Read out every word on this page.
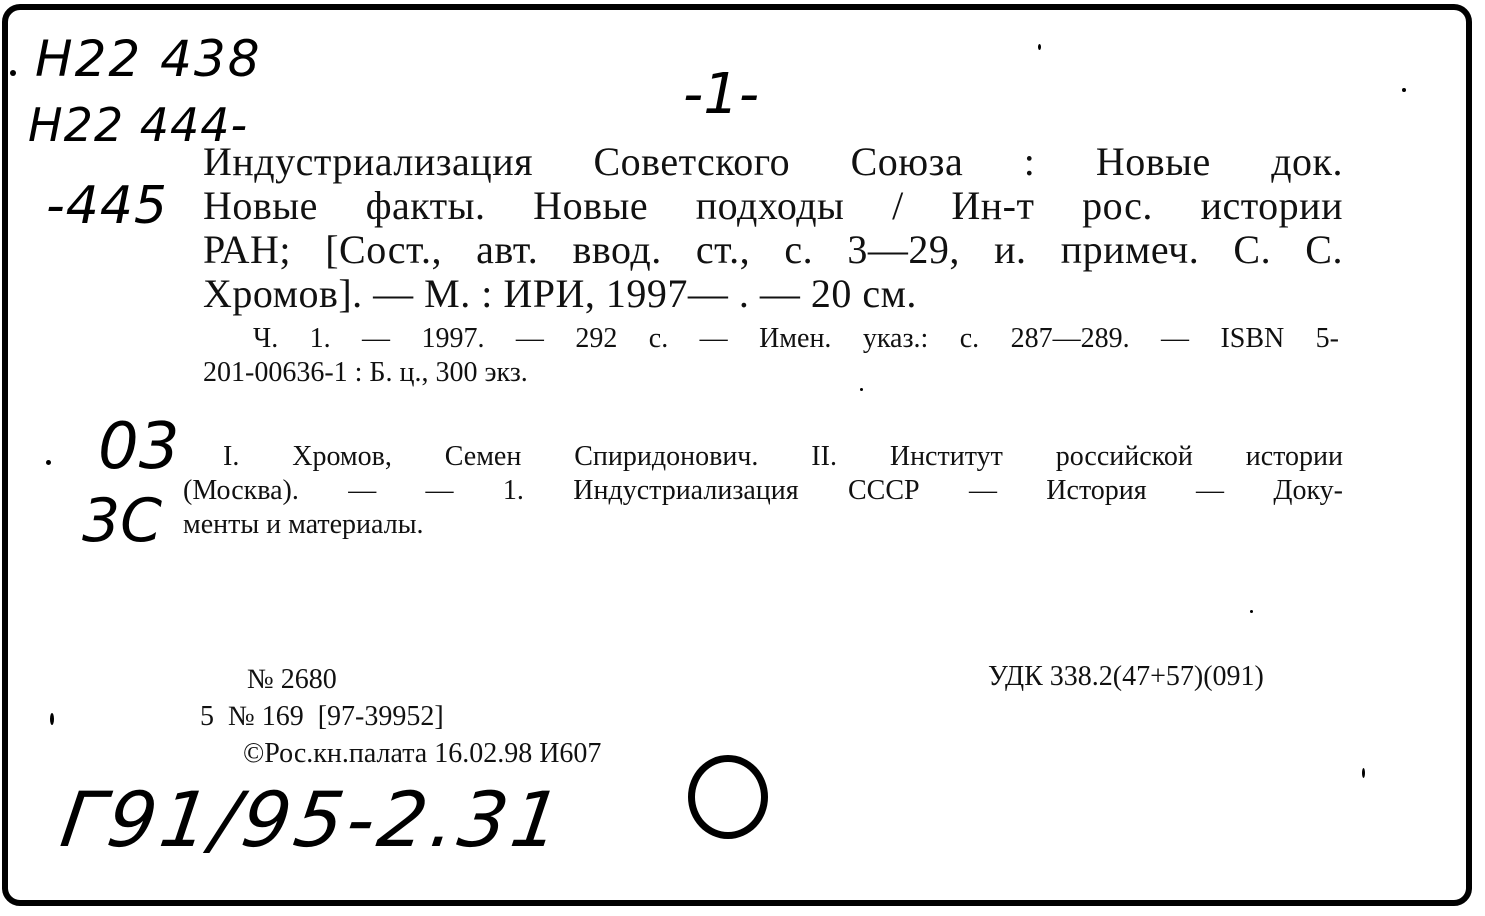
Н22 438
Н22 444-
-445
-1-
03
3С
Г91/95-2.31
Индустриализация Советского Союза : Новые док.
Новые факты. Новые подходы / Ин-т рос. истории
РАН; [Сост., авт. ввод. ст., с. 3—29, и. примеч. С. С.
Хромов]. — М. : ИРИ, 1997— . — 20 см.
Ч. 1. — 1997. — 292 с. — Имен. указ.: с. 287—289. — ISBN 5-
201-00636-1 : Б. ц., 300 экз.
I. Хромов, Семен Спиридонович. II. Институт российской истории
(Москва). — — 1. Индустриализация СССР — История — Доку-
менты и материалы.
№ 2680
5  № 169  [97-39952]
©Рос.кн.палата 16.02.98 И607
УДК 338.2(47+57)(091)
